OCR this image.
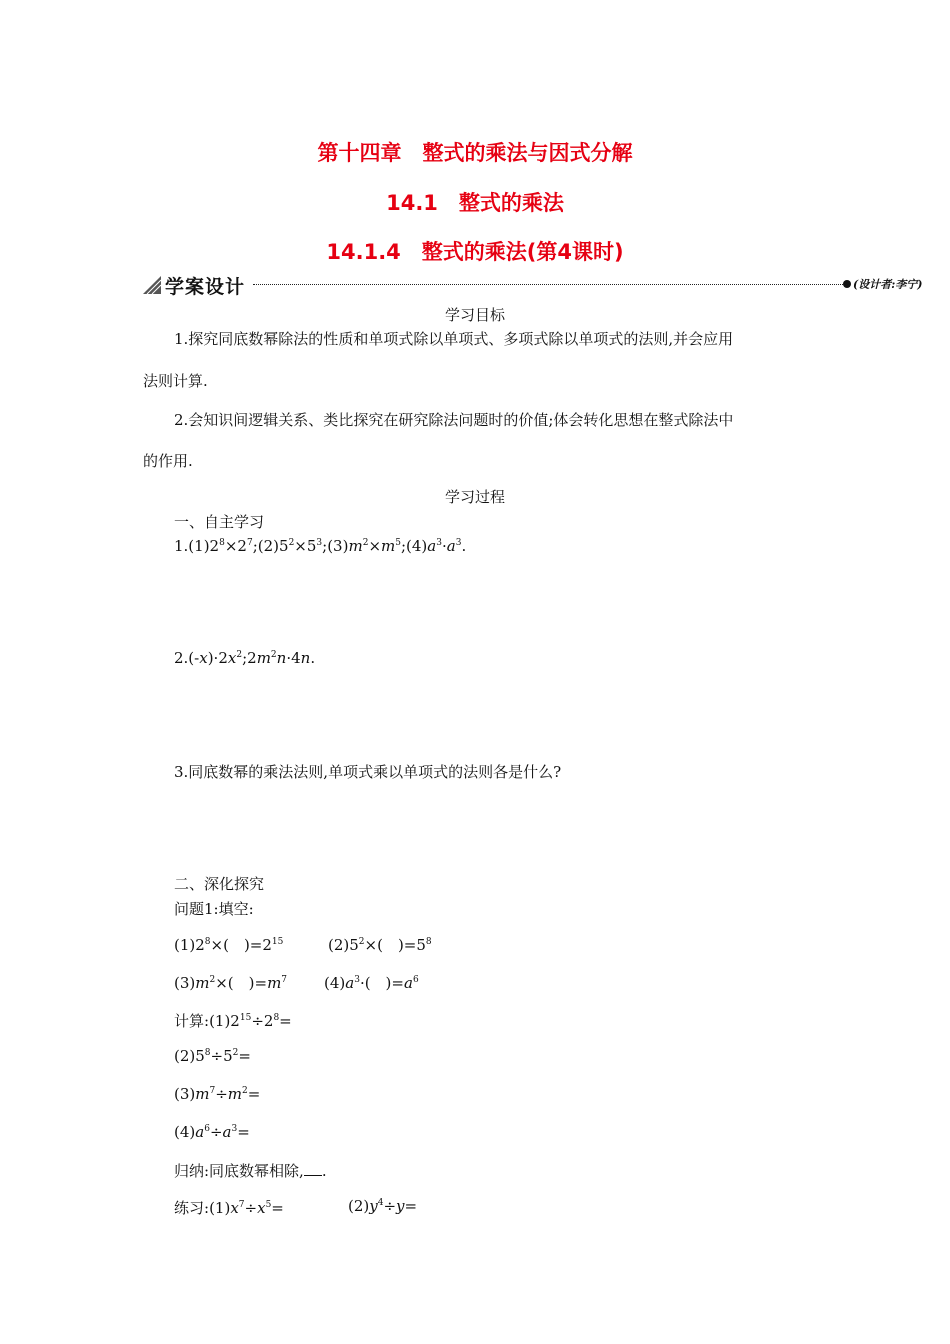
第十四章　整式的乘法与因式分解
14.1　整式的乘法
14.1.4　整式的乘法(第4课时)
学案设计	(设计者:李宁)
学习目标
1.探究同底数幂除法的性质和单项式除以单项式、多项式除以单项式的法则,并会应用
法则计算.
2.会知识间逻辑关系、类比探究在研究除法问题时的价值;体会转化思想在整式除法中
的作用.
学习过程
一、自主学习
$1.(1)2^8\times 2^7;(2)5^2\times 5^3;(3)m^2\times m^5;(4)a^3\cdot a^3$.
$2.(-x)\cdot 2x^2;2m^2n\cdot 4n$.
3.同底数幂的乘法法则,单项式乘以单项式的法则各是什么?
二、深化探究
问题1:填空:
$(1)2^8\times$(　)$=2^{15}$	$(2)5^2\times$(　)$=5^8$
$(3)m^2\times$(　)$=m^7$ $(4)a^3\cdot$(　)$=a^6$
计算$:(1)2^{15}\div 2^8=$
$(2)5^8\div 5^2=$
$(3)m^7\div m^2=$
$(4)a^6\div a^3=$
归纳:同底数幂相除, .
练习$:(1)x^7\div x^5=$	$(2)y^4\div y=$
